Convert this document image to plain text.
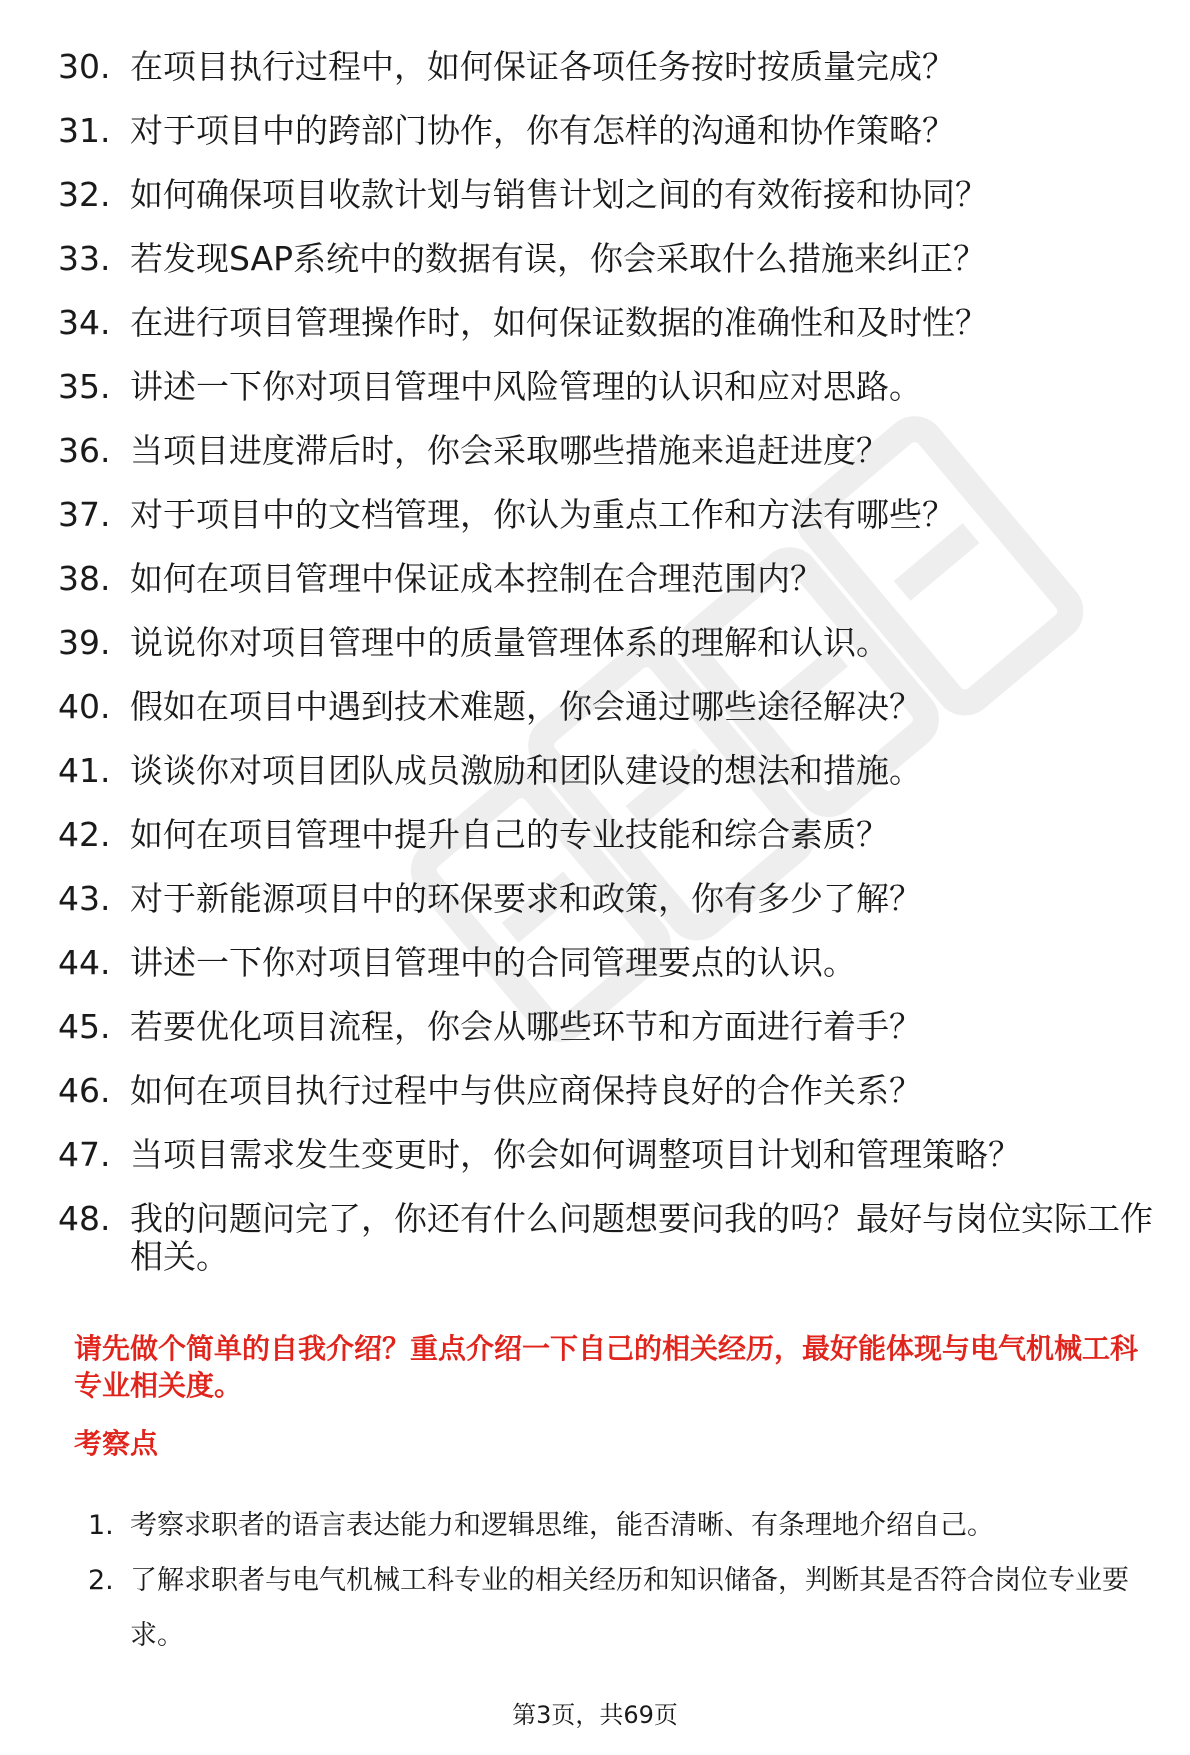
30. 在项目执行过程中，如何保证各项任务按时按质量完成？
31. 对于项目中的跨部门协作，你有怎样的沟通和协作策略？
32. 如何确保项目收款计划与销售计划之间的有效衔接和协同？
33. 若发现SAP系统中的数据有误，你会采取什么措施来纠正？
34. 在进行项目管理操作时，如何保证数据的准确性和及时性？
35. 讲述一下你对项目管理中风险管理的认识和应对思路。
36. 当项目进度滞后时，你会采取哪些措施来追赶进度？
37. 对于项目中的文档管理，你认为重点工作和方法有哪些？
38. 如何在项目管理中保证成本控制在合理范围内？
39. 说说你对项目管理中的质量管理体系的理解和认识。
40. 假如在项目中遇到技术难题，你会通过哪些途径解决？
41. 谈谈你对项目团队成员激励和团队建设的想法和措施。
42. 如何在项目管理中提升自己的专业技能和综合素质？
43. 对于新能源项目中的环保要求和政策，你有多少了解？
44. 讲述一下你对项目管理中的合同管理要点的认识。
45. 若要优化项目流程，你会从哪些环节和方面进行着手？
46. 如何在项目执行过程中与供应商保持良好的合作关系？
47. 当项目需求发生变更时，你会如何调整项目计划和管理策略？
48. 我的问题问完了，你还有什么问题想要问我的吗？最好与岗位实际工作相关。

请先做个简单的自我介绍？重点介绍一下自己的相关经历，最好能体现与电气机械工科专业相关度。

考察点

1. 考察求职者的语言表达能力和逻辑思维，能否清晰、有条理地介绍自己。
2. 了解求职者与电气机械工科专业的相关经历和知识储备，判断其是否符合岗位专业要求。
第3页，共69页
